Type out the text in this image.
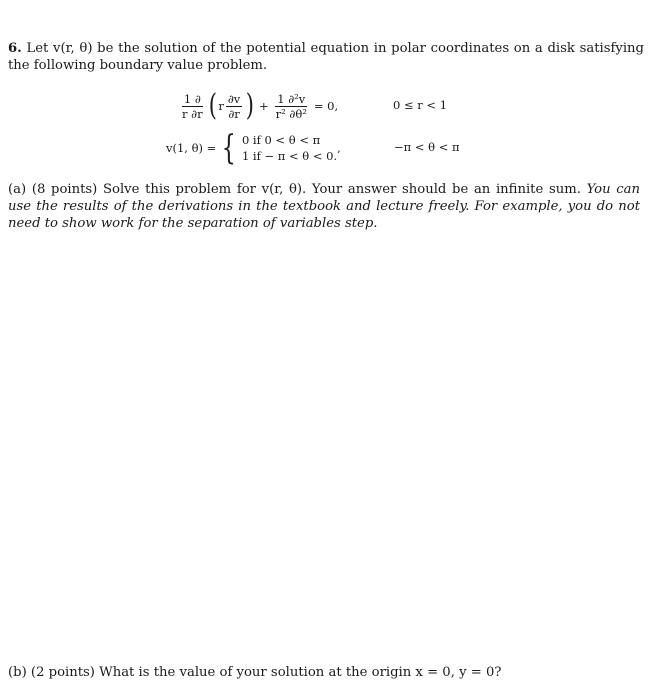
6. Let v(r, θ) be the solution of the potential equation in polar coordinates on a disk satisfying the following boundary value problem.
$\frac{1 \partial}{r \partial r}$ ( r $\frac{\partial v}{\partial r}$ ) + $\frac{\text{1 ∂²v}}{\text{r² ∂θ²}} = 0$,	0 ≤ r < 1
v(1, θ) = { 0 if 0 < θ < π
1 if − π < θ < 0.
,	−π < θ < π
(a) (8 points) Solve this problem for v(r, θ). Your answer should be an infinite sum. You can use the results of the derivations in the textbook and lecture freely. For example, you do not need to show work for the separation of variables step.
(b) (2 points) What is the value of your solution at the origin x = 0, y = 0?
